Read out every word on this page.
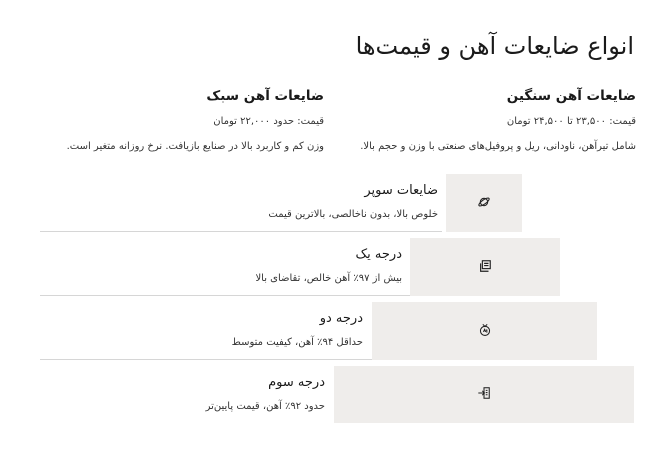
انواع ضایعات آهن و قیمت‌ها
ضایعات آهن سنگین
قیمت: ۲۳,۵۰۰ تا ۲۴,۵۰۰ تومان
شامل تیرآهن، ناودانی، ریل و پروفیل‌های صنعتی با وزن و حجم بالا.
ضایعات آهن سبک
قیمت: حدود ۲۲,۰۰۰ تومان
وزن کم و کاربرد بالا در صنایع بازیافت. نرخ روزانه متغیر است.
ضایعات سوپر
خلوص بالا، بدون ناخالصی، بالاترین قیمت
درجه یک
بیش از ۹۷٪ آهن خالص، تقاضای بالا
درجه دو
حداقل ۹۴٪ آهن، کیفیت متوسط
درجه سوم
حدود ۹۲٪ آهن، قیمت پایین‌تر
